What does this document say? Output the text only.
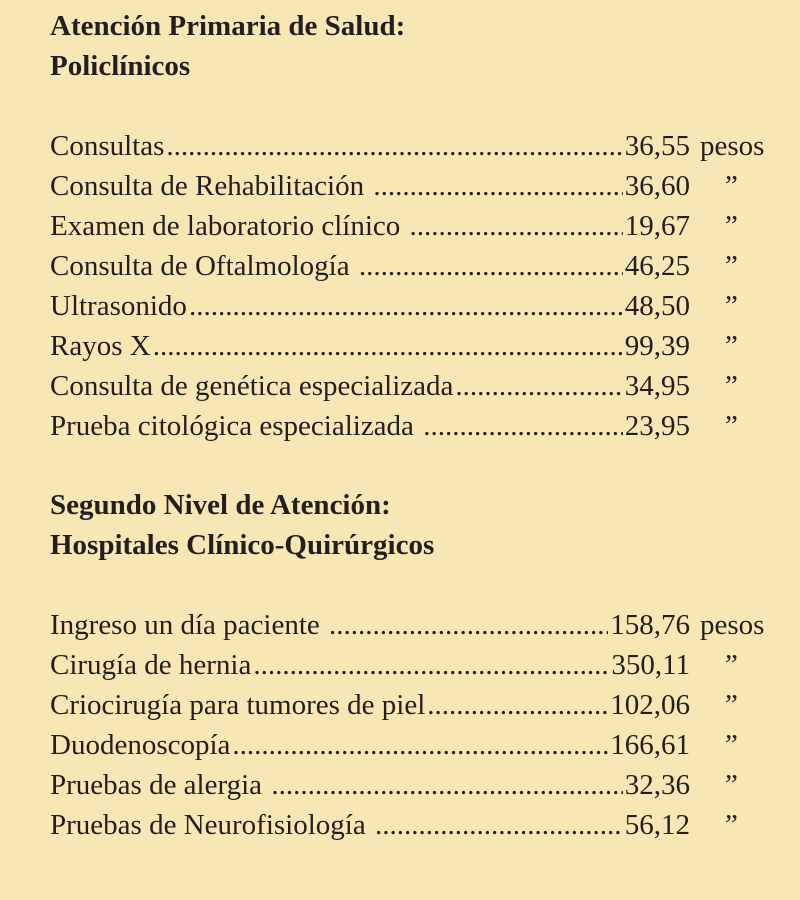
Atención Primaria de Salud:
Policlínicos
Consultas .....	36,55 pesos
Consulta de Rehabilitación .....	36,60 ”
Examen de laboratorio clínico .....	19,67 ”
Consulta de Oftalmología .....	46,25 ”
Ultrasonido .....	48,50 ”
Rayos X .....	99,39 ”
Consulta de genética especializada .....	34,95 ”
Prueba citológica especializada .....	23,95 ”
Segundo Nivel de Atención:
Hospitales Clínico-Quirúrgicos
Ingreso un día paciente .....	158,76 pesos
Cirugía de hernia .....	350,11 ”
Criocirugía para tumores de piel .....	102,06 ”
Duodenoscopía .....	166,61 ”
Pruebas de alergia .....	32,36 ”
Pruebas de Neurofisiología .....	56,12 ”
